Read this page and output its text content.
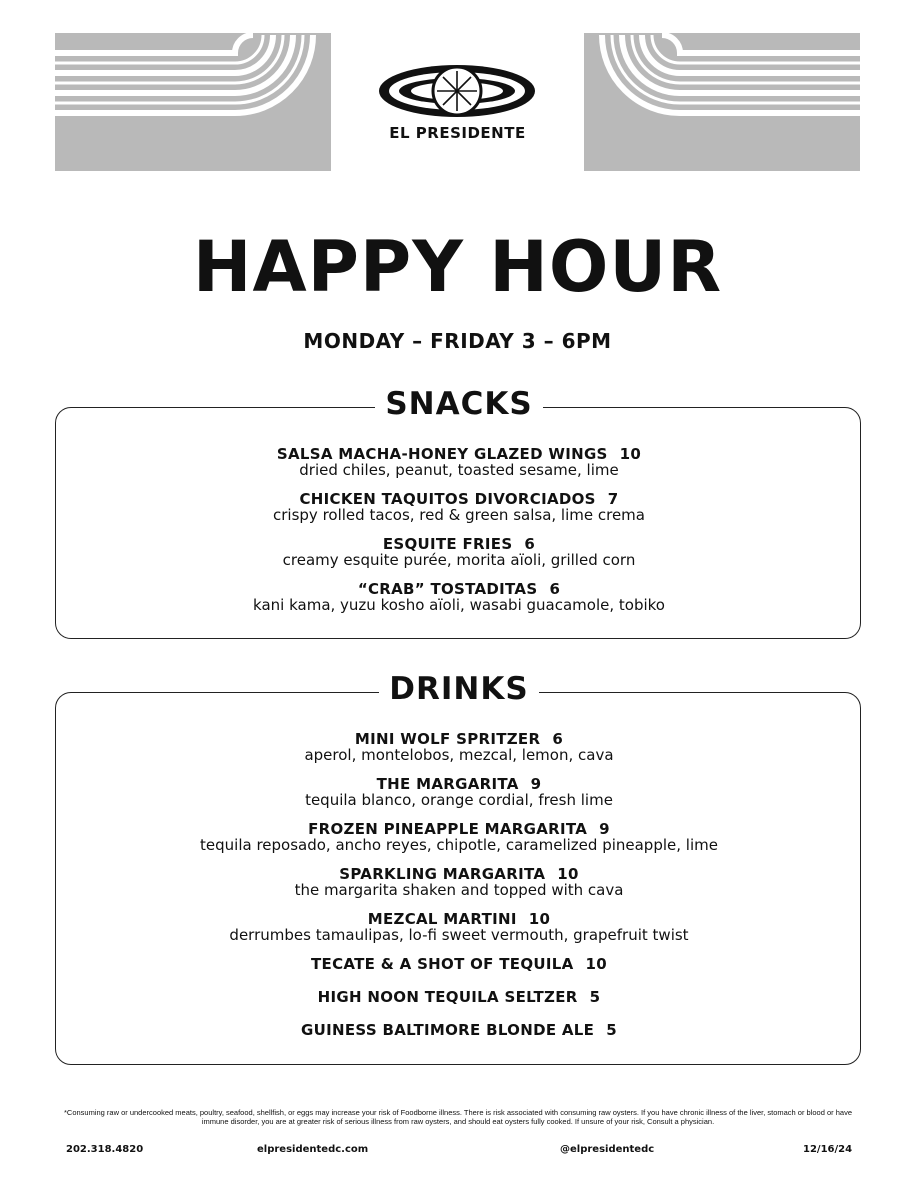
EL PRESIDENTE
HAPPY HOUR
MONDAY – FRIDAY 3 – 6PM
SNACKS
SALSA MACHA-HONEY GLAZED WINGS 10
dried chiles, peanut, toasted sesame, lime
CHICKEN TAQUITOS DIVORCIADOS 7
crispy rolled tacos, red & green salsa, lime crema
ESQUITE FRIES 6
creamy esquite purée, morita aïoli, grilled corn
“CRAB” TOSTADITAS 6
kani kama, yuzu kosho aïoli, wasabi guacamole, tobiko
DRINKS
MINI WOLF SPRITZER 6
aperol, montelobos, mezcal, lemon, cava
THE MARGARITA 9
tequila blanco, orange cordial, fresh lime
FROZEN PINEAPPLE MARGARITA 9
tequila reposado, ancho reyes, chipotle, caramelized pineapple, lime
SPARKLING MARGARITA 10
the margarita shaken and topped with cava
MEZCAL MARTINI 10
derrumbes tamaulipas, lo-fi sweet vermouth, grapefruit twist
TECATE & A SHOT OF TEQUILA 10
HIGH NOON TEQUILA SELTZER 5
GUINESS BALTIMORE BLONDE ALE 5
*Consuming raw or undercooked meats, poultry, seafood, shellfish, or eggs may increase your risk of Foodborne illness. There is risk associated with consuming raw oysters. If you have chronic illness of the liver, stomach or blood or have immune disorder, you are at greater risk of serious illness from raw oysters, and should eat oysters fully cooked. If unsure of your risk, Consult a physician.
202.318.4820	elpresidentedc.com	@elpresidentedc	12/16/24
